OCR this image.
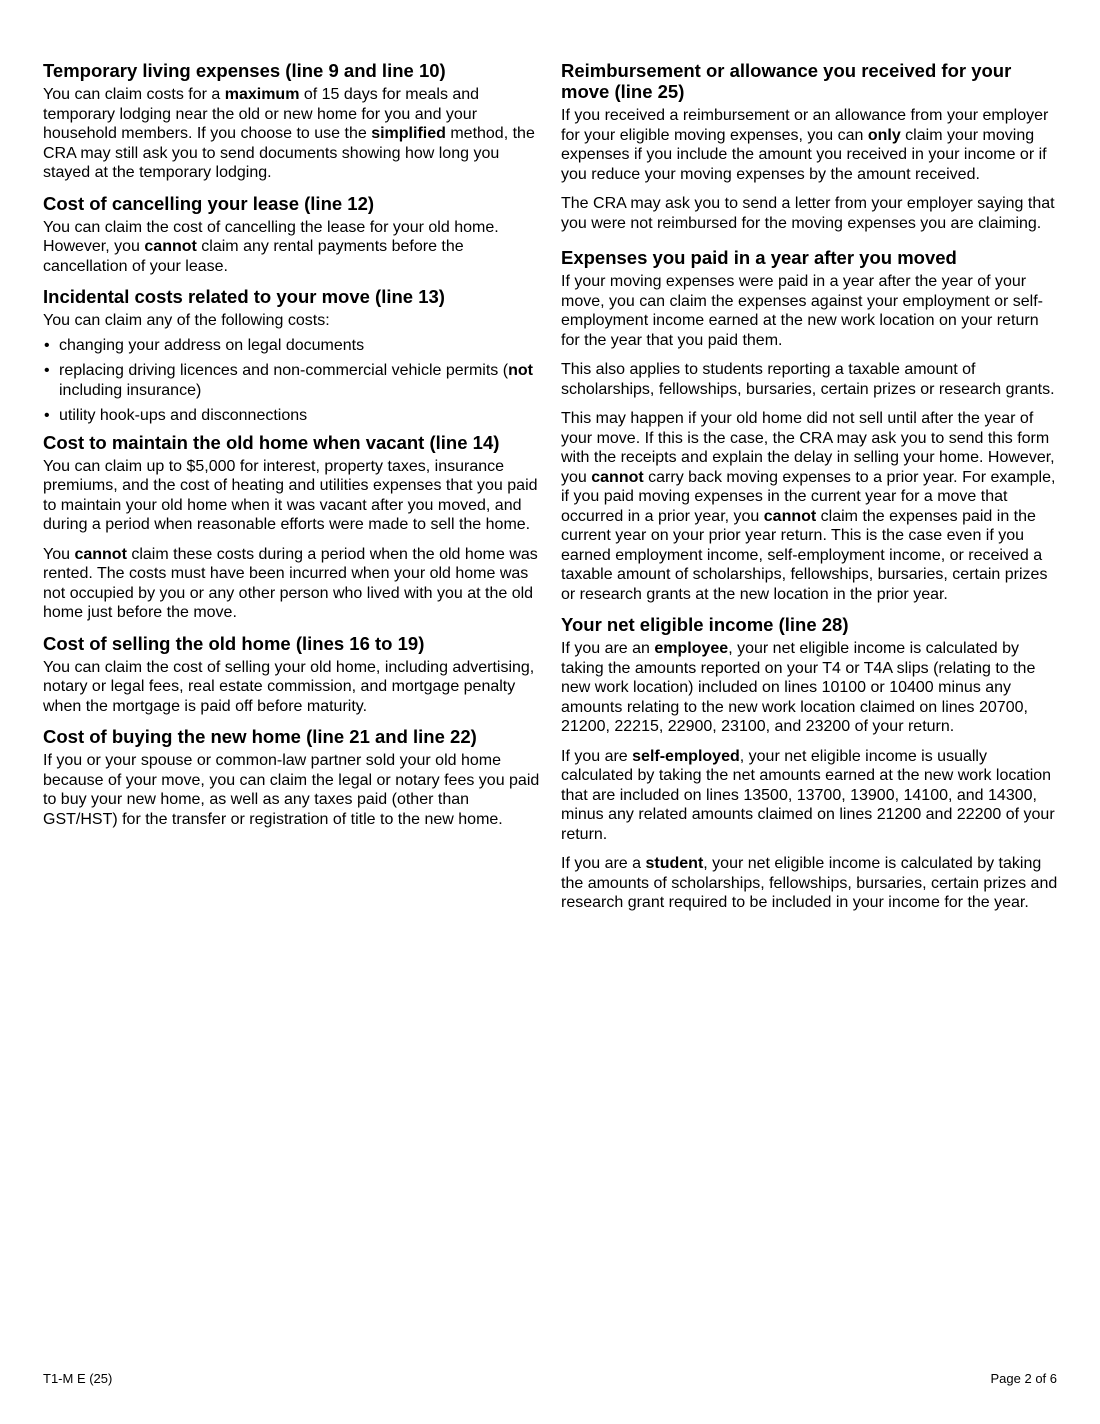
Temporary living expenses (line 9 and line 10)

You can claim costs for a maximum of 15 days for meals and temporary lodging near the old or new home for you and your household members. If you choose to use the simplified method, the CRA may still ask you to send documents showing how long you stayed at the temporary lodging.

Cost of cancelling your lease (line 12)

You can claim the cost of cancelling the lease for your old home. However, you cannot claim any rental payments before the cancellation of your lease.

Incidental costs related to your move (line 13)

You can claim any of the following costs:

• changing your address on legal documents
• replacing driving licences and non-commercial vehicle permits (not including insurance)
• utility hook-ups and disconnections
Cost to maintain the old home when vacant (line 14)

You can claim up to $5,000 for interest, property taxes, insurance premiums, and the cost of heating and utilities expenses that you paid to maintain your old home when it was vacant after you moved, and during a period when reasonable efforts were made to sell the home.

You cannot claim these costs during a period when the old home was rented. The costs must have been incurred when your old home was not occupied by you or any other person who lived with you at the old home just before the move.

Cost of selling the old home (lines 16 to 19)

You can claim the cost of selling your old home, including advertising, notary or legal fees, real estate commission, and mortgage penalty when the mortgage is paid off before maturity.

Cost of buying the new home (line 21 and line 22)

If you or your spouse or common-law partner sold your old home because of your move, you can claim the legal or notary fees you paid to buy your new home, as well as any taxes paid (other than GST/HST) for the transfer or registration of title to the new home.

Reimbursement or allowance you received for your move (line 25)

If you received a reimbursement or an allowance from your employer for your eligible moving expenses, you can only claim your moving expenses if you include the amount you received in your income or if you reduce your moving expenses by the amount received.

The CRA may ask you to send a letter from your employer saying that you were not reimbursed for the moving expenses you are claiming.

Expenses you paid in a year after you moved

If your moving expenses were paid in a year after the year of your move, you can claim the expenses against your employment or self-employment income earned at the new work location on your return for the year that you paid them.

This also applies to students reporting a taxable amount of scholarships, fellowships, bursaries, certain prizes or research grants.

This may happen if your old home did not sell until after the year of your move. If this is the case, the CRA may ask you to send this form with the receipts and explain the delay in selling your home. However, you cannot carry back moving expenses to a prior year. For example, if you paid moving expenses in the current year for a move that occurred in a prior year, you cannot claim the expenses paid in the current year on your prior year return. This is the case even if you earned employment income, self-employment income, or received a taxable amount of scholarships, fellowships, bursaries, certain prizes or research grants at the new location in the prior year.

Your net eligible income (line 28)

If you are an employee, your net eligible income is calculated by taking the amounts reported on your T4 or T4A slips (relating to the new work location) included on lines 10100 or 10400 minus any amounts relating to the new work location claimed on lines 20700, 21200, 22215, 22900, 23100, and 23200 of your return.

If you are self-employed, your net eligible income is usually calculated by taking the net amounts earned at the new work location that are included on lines 13500, 13700, 13900, 14100, and 14300, minus any related amounts claimed on lines 21200 and 22200 of your return.

If you are a student, your net eligible income is calculated by taking the amounts of scholarships, fellowships, bursaries, certain prizes and research grant required to be included in your income for the year.

T1-M E (25)	Page 2 of 6
